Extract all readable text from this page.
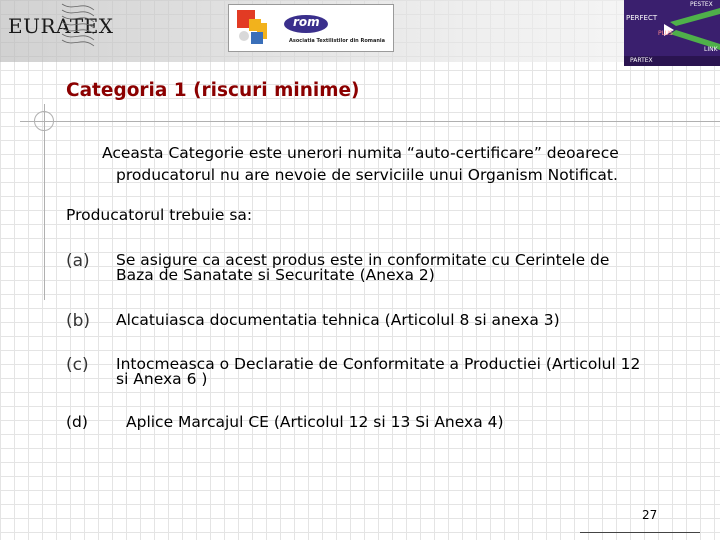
EURATEX	rom
Asociatia Textilistilor din Romania
PESTEX
PERFECT
PLUS
LINK
PARTEX
Categoria 1 (riscuri minime)
Aceasta Categorie este unerori numita “auto-certificare” deoarece
producatorul nu are nevoie de serviciile unui Organism Notificat.
Producatorul trebuie sa:
(a) Se asigure ca acest produs este in conformitate cu Cerintele de
Baza de Sanatate si Securitate (Anexa 2)
(b) Alcatuiasca documentatia tehnica (Articolul 8 si anexa 3)
(c) Intocmeasca o Declaratie de Conformitate a Productiei (Articolul 12
si Anexa 6 )
(d) Aplice Marcajul CE (Articolul 12 si 13 Si Anexa 4)
27
